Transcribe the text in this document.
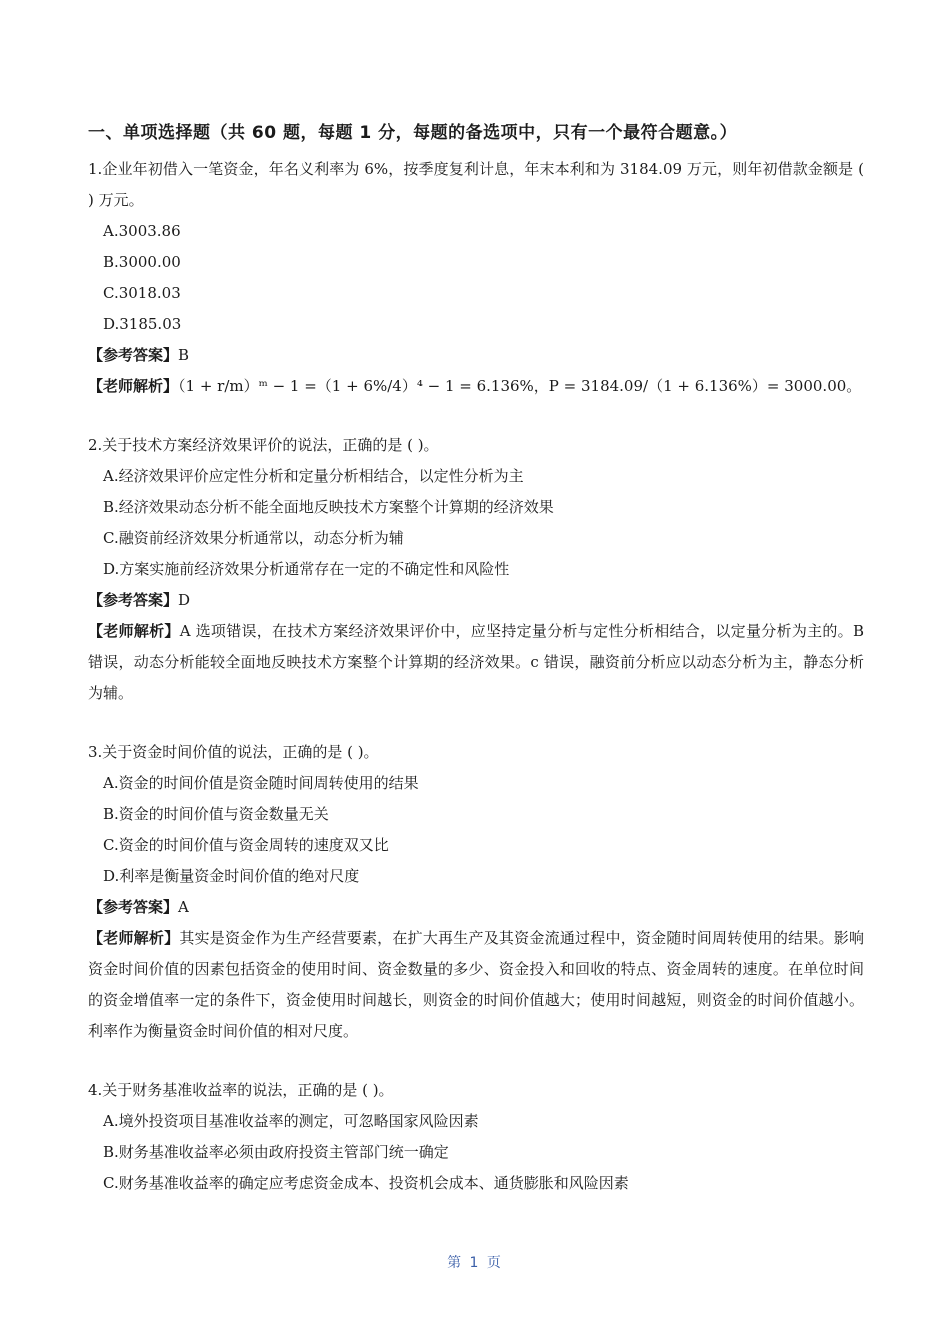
一、单项选择题（共 60 题，每题 1 分，每题的备选项中，只有一个最符合题意。）

1.企业年初借入一笔资金，年名义利率为 6%，按季度复利计息，年末本利和为 3184.09 万元，则年初借款金额是 ( ) 万元。

A.3003.86

B.3000.00

C.3018.03

D.3185.03

【参考答案】B

【老师解析】（1 + r/m）ᵐ − 1 =（1 + 6%/4）⁴ − 1 = 6.136%，P = 3184.09/（1 + 6.136%）= 3000.00。

2.关于技术方案经济效果评价的说法，正确的是 ( )。

A.经济效果评价应定性分析和定量分析相结合，以定性分析为主

B.经济效果动态分析不能全面地反映技术方案整个计算期的经济效果

C.融资前经济效果分析通常以，动态分析为辅

D.方案实施前经济效果分析通常存在一定的不确定性和风险性

【参考答案】D

【老师解析】A 选项错误，在技术方案经济效果评价中，应坚持定量分析与定性分析相结合，以定量分析为主的。B 错误，动态分析能较全面地反映技术方案整个计算期的经济效果。c 错误，融资前分析应以动态分析为主，静态分析为辅。

3.关于资金时间价值的说法，正确的是 ( )。

A.资金的时间价值是资金随时间周转使用的结果

B.资金的时间价值与资金数量无关

C.资金的时间价值与资金周转的速度双又比

D.利率是衡量资金时间价值的绝对尺度

【参考答案】A

【老师解析】其实是资金作为生产经营要素，在扩大再生产及其资金流通过程中，资金随时间周转使用的结果。影响资金时间价值的因素包括资金的使用时间、资金数量的多少、资金投入和回收的特点、资金周转的速度。在单位时间的资金增值率一定的条件下，资金使用时间越长，则资金的时间价值越大；使用时间越短，则资金的时间价值越小。利率作为衡量资金时间价值的相对尺度。

4.关于财务基准收益率的说法，正确的是 ( )。

A.境外投资项目基准收益率的测定，可忽略国家风险因素

B.财务基准收益率必须由政府投资主管部门统一确定

C.财务基准收益率的确定应考虑资金成本、投资机会成本、通货膨胀和风险因素

第 1 页
